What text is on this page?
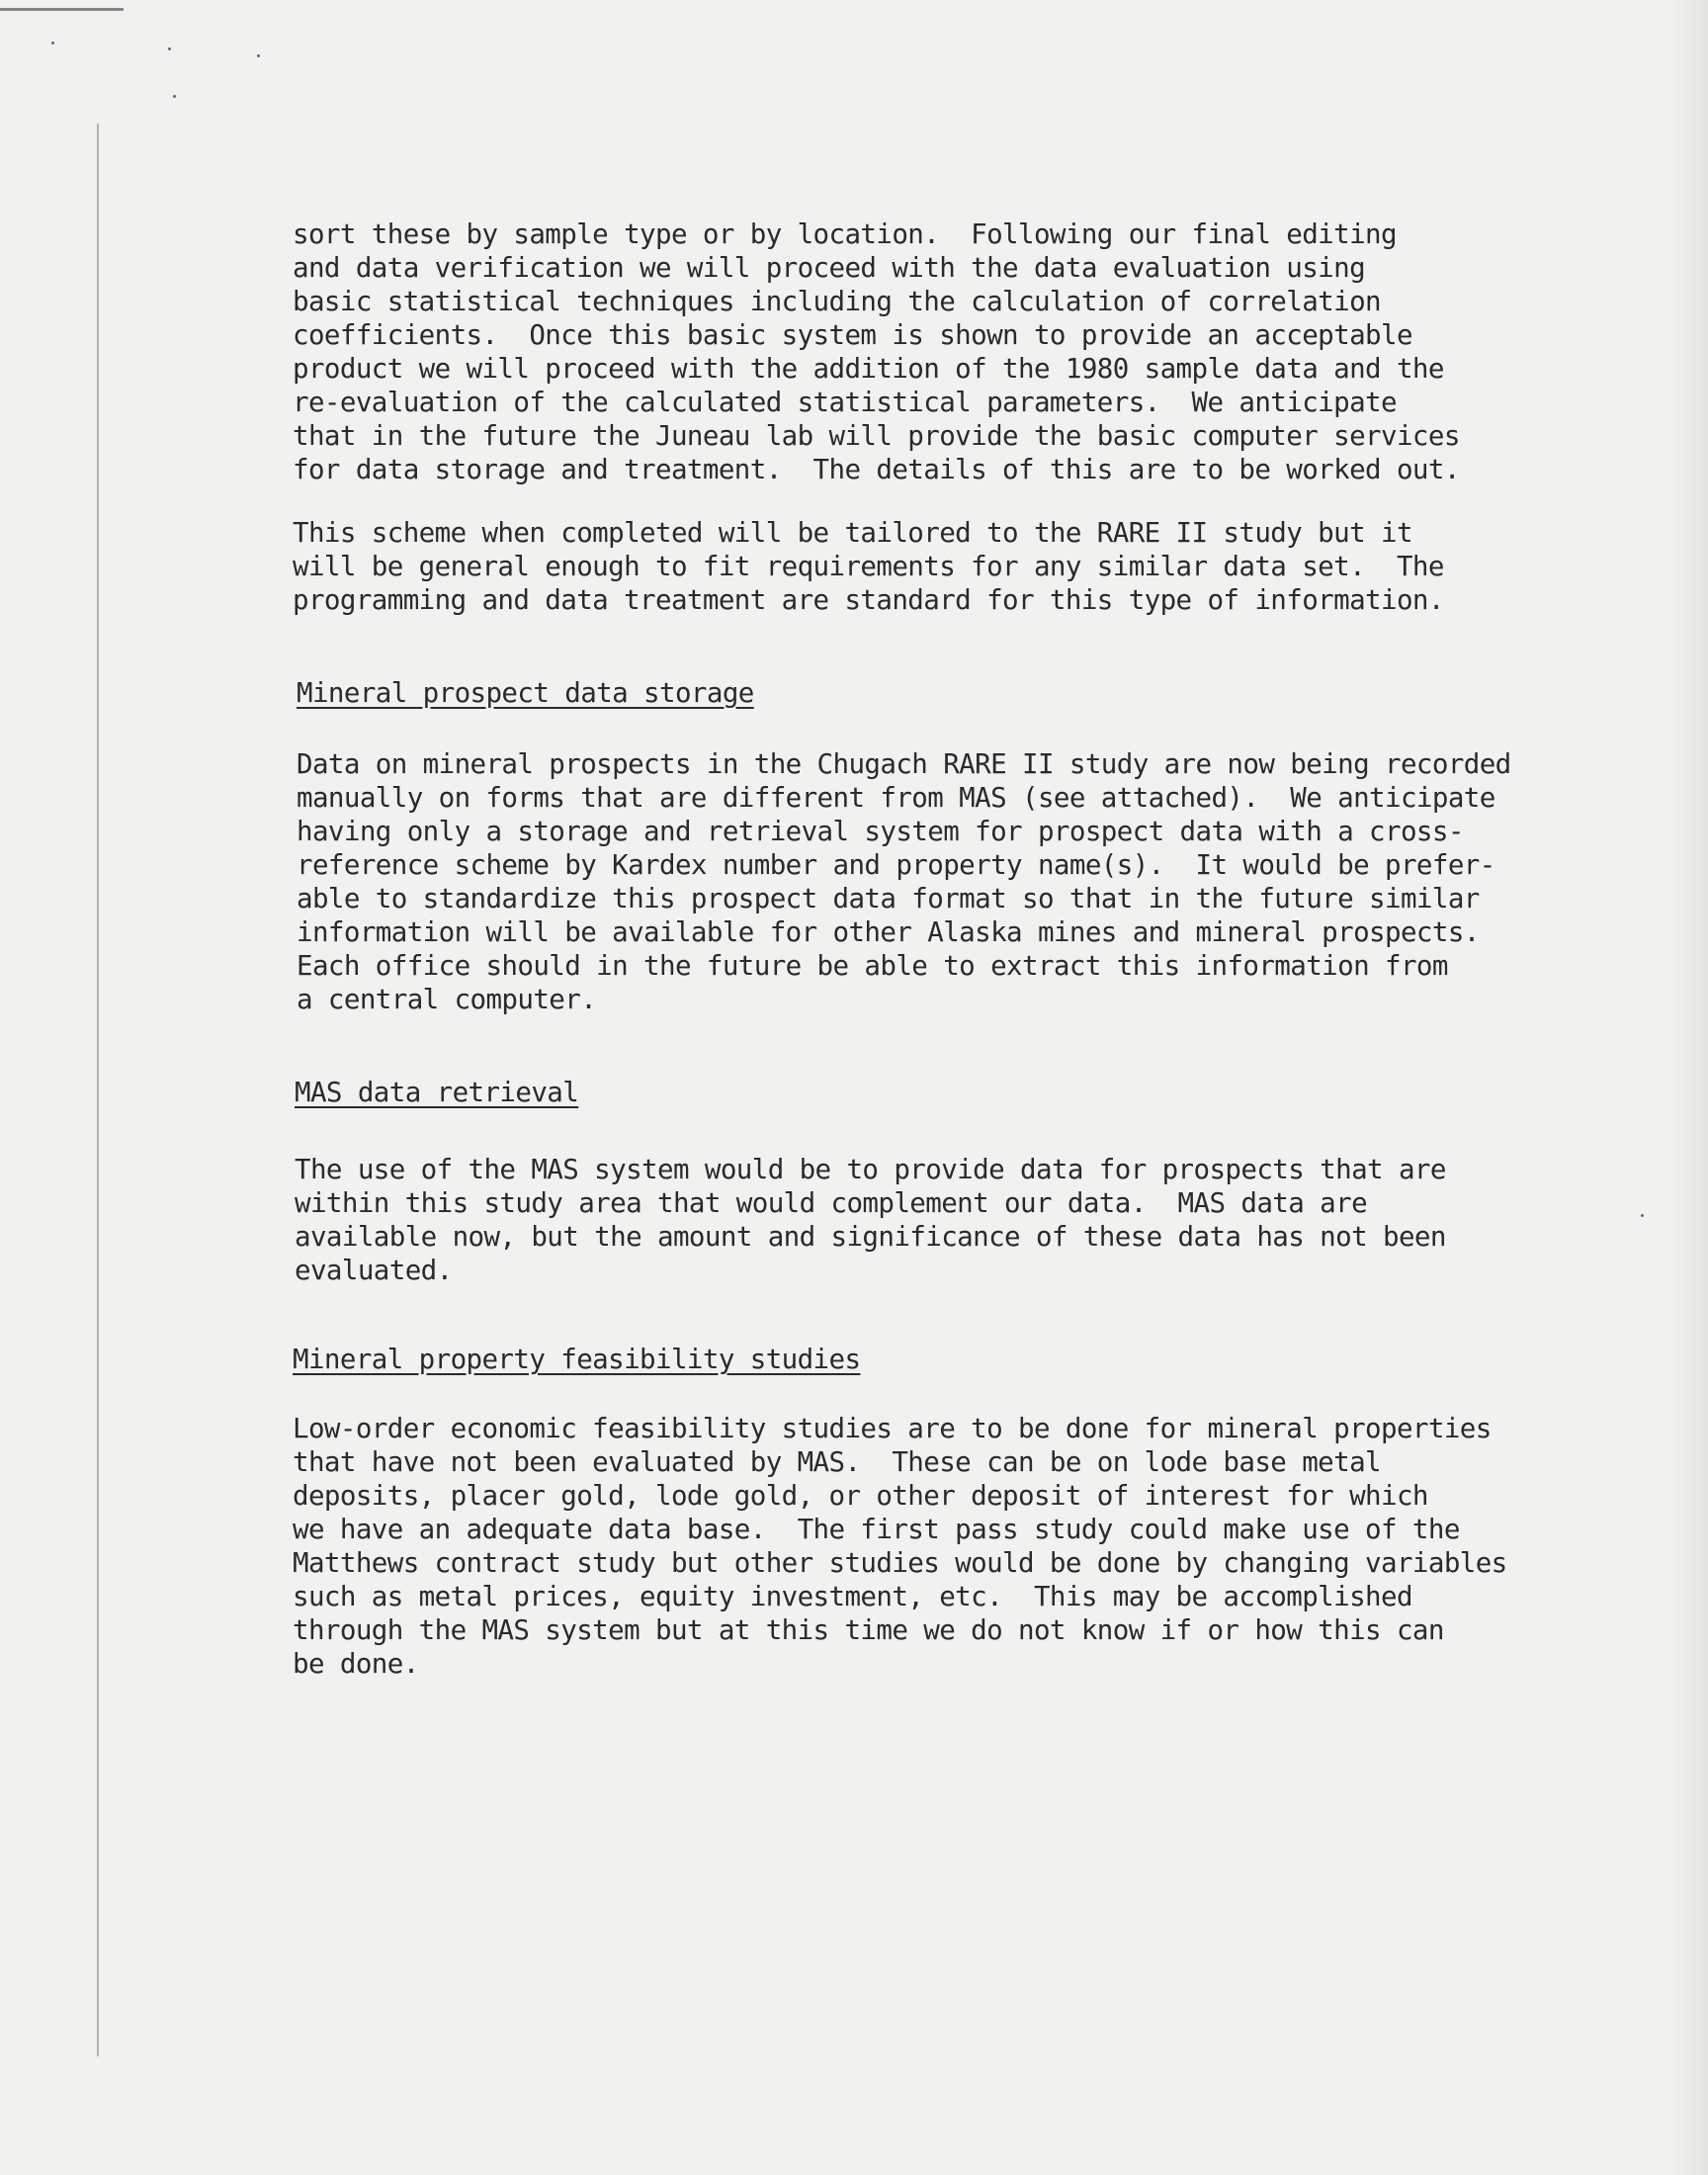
sort these by sample type or by location.  Following our final editing
and data verification we will proceed with the data evaluation using
basic statistical techniques including the calculation of correlation
coefficients.  Once this basic system is shown to provide an acceptable
product we will proceed with the addition of the 1980 sample data and the
re-evaluation of the calculated statistical parameters.  We anticipate
that in the future the Juneau lab will provide the basic computer services
for data storage and treatment.  The details of this are to be worked out.

This scheme when completed will be tailored to the RARE II study but it
will be general enough to fit requirements for any similar data set.  The
programming and data treatment are standard for this type of information.

Mineral prospect data storage

Data on mineral prospects in the Chugach RARE II study are now being recorded
manually on forms that are different from MAS (see attached).  We anticipate
having only a storage and retrieval system for prospect data with a cross-
reference scheme by Kardex number and property name(s).  It would be prefer-
able to standardize this prospect data format so that in the future similar
information will be available for other Alaska mines and mineral prospects.
Each office should in the future be able to extract this information from
a central computer.

MAS data retrieval

The use of the MAS system would be to provide data for prospects that are
within this study area that would complement our data.  MAS data are
available now, but the amount and significance of these data has not been
evaluated.

Mineral property feasibility studies

Low-order economic feasibility studies are to be done for mineral properties
that have not been evaluated by MAS.  These can be on lode base metal
deposits, placer gold, lode gold, or other deposit of interest for which
we have an adequate data base.  The first pass study could make use of the
Matthews contract study but other studies would be done by changing variables
such as metal prices, equity investment, etc.  This may be accomplished
through the MAS system but at this time we do not know if or how this can
be done.
